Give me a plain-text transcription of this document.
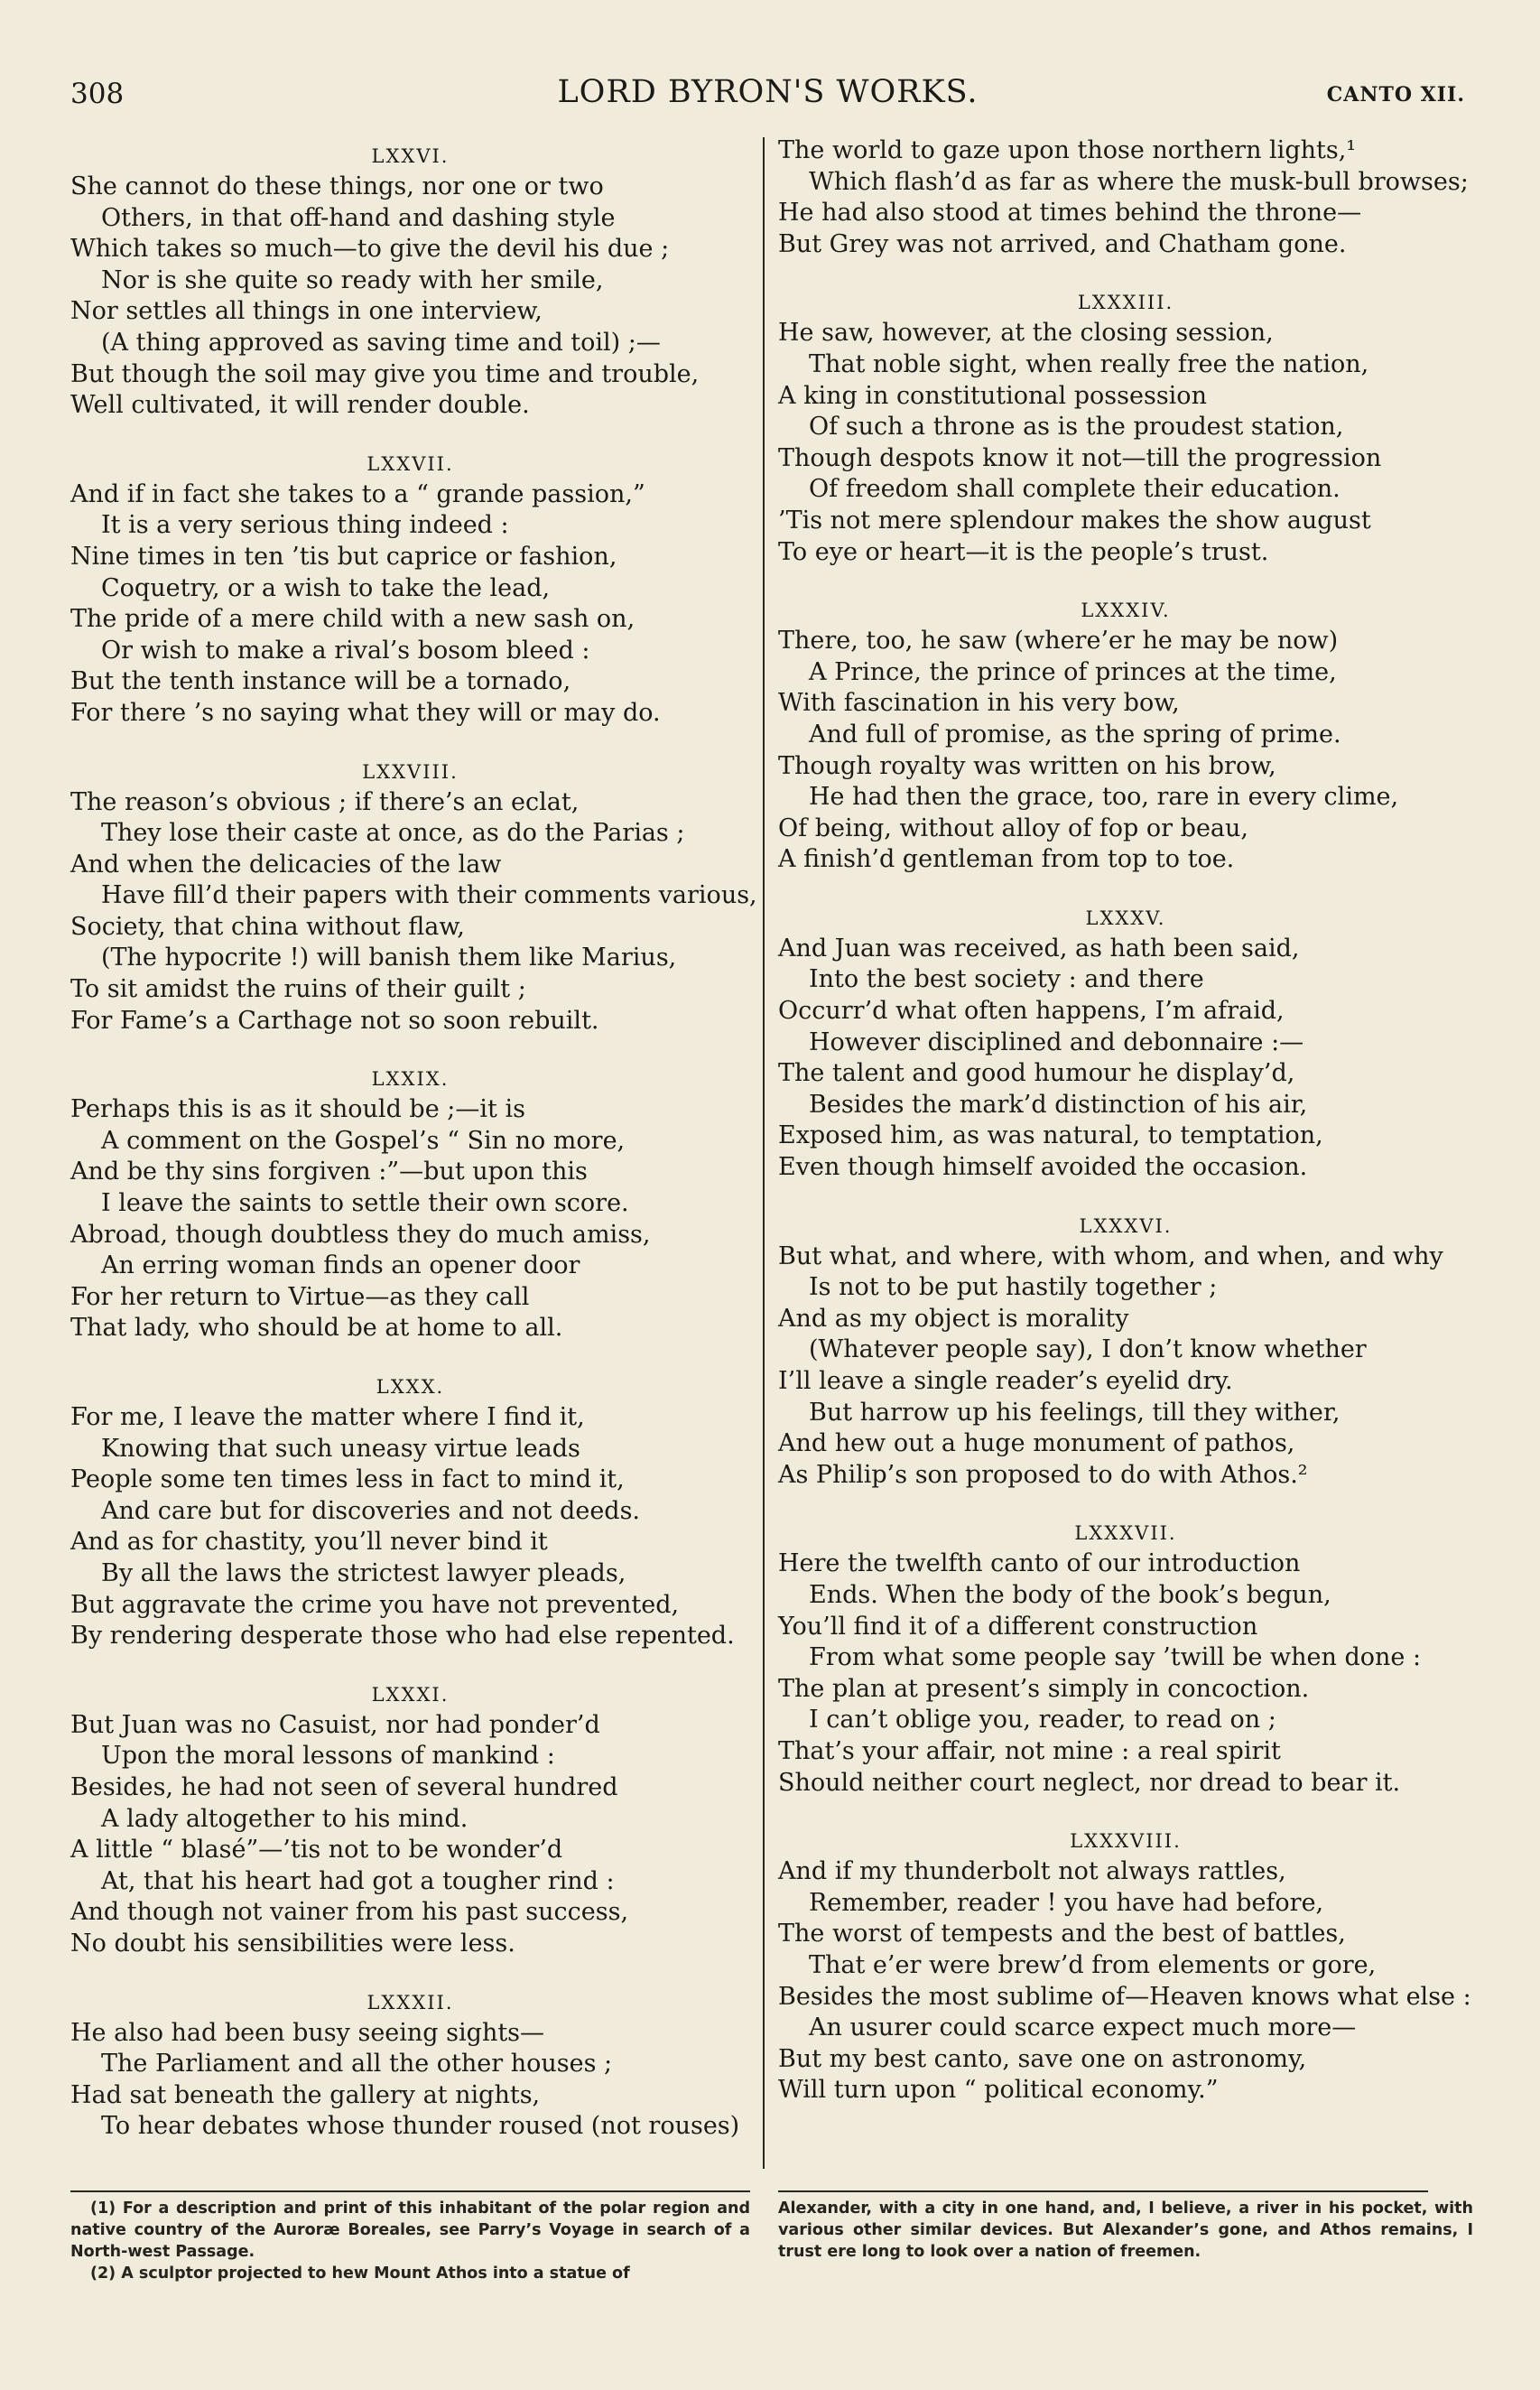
308	LORD BYRON'S WORKS.	CANTO XII.
LXXVI.
She cannot do these things, nor one or two
Others, in that off-hand and dashing style
Which takes so much—to give the devil his due ;
Nor is she quite so ready with her smile,
Nor settles all things in one interview,
(A thing approved as saving time and toil) ;—
But though the soil may give you time and trouble,
Well cultivated, it will render double.
LXXVII.
And if in fact she takes to a “ grande passion,”
It is a very serious thing indeed :
Nine times in ten ’tis but caprice or fashion,
Coquetry, or a wish to take the lead,
The pride of a mere child with a new sash on,
Or wish to make a rival’s bosom bleed :
But the tenth instance will be a tornado,
For there ’s no saying what they will or may do.
LXXVIII.
The reason’s obvious ; if there’s an eclat,
They lose their caste at once, as do the Parias ;
And when the delicacies of the law
Have fill’d their papers with their comments various,
Society, that china without flaw,
(The hypocrite !) will banish them like Marius,
To sit amidst the ruins of their guilt ;
For Fame’s a Carthage not so soon rebuilt.
LXXIX.
Perhaps this is as it should be ;—it is
A comment on the Gospel’s “ Sin no more,
And be thy sins forgiven :”—but upon this
I leave the saints to settle their own score.
Abroad, though doubtless they do much amiss,
An erring woman finds an opener door
For her return to Virtue—as they call
That lady, who should be at home to all.
LXXX.
For me, I leave the matter where I find it,
Knowing that such uneasy virtue leads
People some ten times less in fact to mind it,
And care but for discoveries and not deeds.
And as for chastity, you’ll never bind it
By all the laws the strictest lawyer pleads,
But aggravate the crime you have not prevented,
By rendering desperate those who had else repented.
LXXXI.
But Juan was no Casuist, nor had ponder’d
Upon the moral lessons of mankind :
Besides, he had not seen of several hundred
A lady altogether to his mind.
A little “ blasé”—’tis not to be wonder’d
At, that his heart had got a tougher rind :
And though not vainer from his past success,
No doubt his sensibilities were less.
LXXXII.
He also had been busy seeing sights—
The Parliament and all the other houses ;
Had sat beneath the gallery at nights,
To hear debates whose thunder roused (not rouses)
The world to gaze upon those northern lights,¹
Which flash’d as far as where the musk-bull browses;
He had also stood at times behind the throne—
But Grey was not arrived, and Chatham gone.
LXXXIII.
He saw, however, at the closing session,
That noble sight, when really free the nation,
A king in constitutional possession
Of such a throne as is the proudest station,
Though despots know it not—till the progression
Of freedom shall complete their education.
’Tis not mere splendour makes the show august
To eye or heart—it is the people’s trust.
LXXXIV.
There, too, he saw (where’er he may be now)
A Prince, the prince of princes at the time,
With fascination in his very bow,
And full of promise, as the spring of prime.
Though royalty was written on his brow,
He had then the grace, too, rare in every clime,
Of being, without alloy of fop or beau,
A finish’d gentleman from top to toe.
LXXXV.
And Juan was received, as hath been said,
Into the best society : and there
Occurr’d what often happens, I’m afraid,
However disciplined and debonnaire :—
The talent and good humour he display’d,
Besides the mark’d distinction of his air,
Exposed him, as was natural, to temptation,
Even though himself avoided the occasion.
LXXXVI.
But what, and where, with whom, and when, and why
Is not to be put hastily together ;
And as my object is morality
(Whatever people say), I don’t know whether
I’ll leave a single reader’s eyelid dry.
But harrow up his feelings, till they wither,
And hew out a huge monument of pathos,
As Philip’s son proposed to do with Athos.²
LXXXVII.
Here the twelfth canto of our introduction
Ends. When the body of the book’s begun,
You’ll find it of a different construction
From what some people say ’twill be when done :
The plan at present’s simply in concoction.
I can’t oblige you, reader, to read on ;
That’s your affair, not mine : a real spirit
Should neither court neglect, nor dread to bear it.
LXXXVIII.
And if my thunderbolt not always rattles,
Remember, reader ! you have had before,
The worst of tempests and the best of battles,
That e’er were brew’d from elements or gore,
Besides the most sublime of—Heaven knows what else :
An usurer could scarce expect much more—
But my best canto, save one on astronomy,
Will turn upon “ political economy.”

(1) For a description and print of this inhabitant of the polar region and native country of the Auroræ Boreales, see Parry’s Voyage in search of a North-west Passage.

(2) A sculptor projected to hew Mount Athos into a statue of

Alexander, with a city in one hand, and, I believe, a river in his pocket, with various other similar devices. But Alexander’s gone, and Athos remains, I trust ere long to look over a nation of freemen.
